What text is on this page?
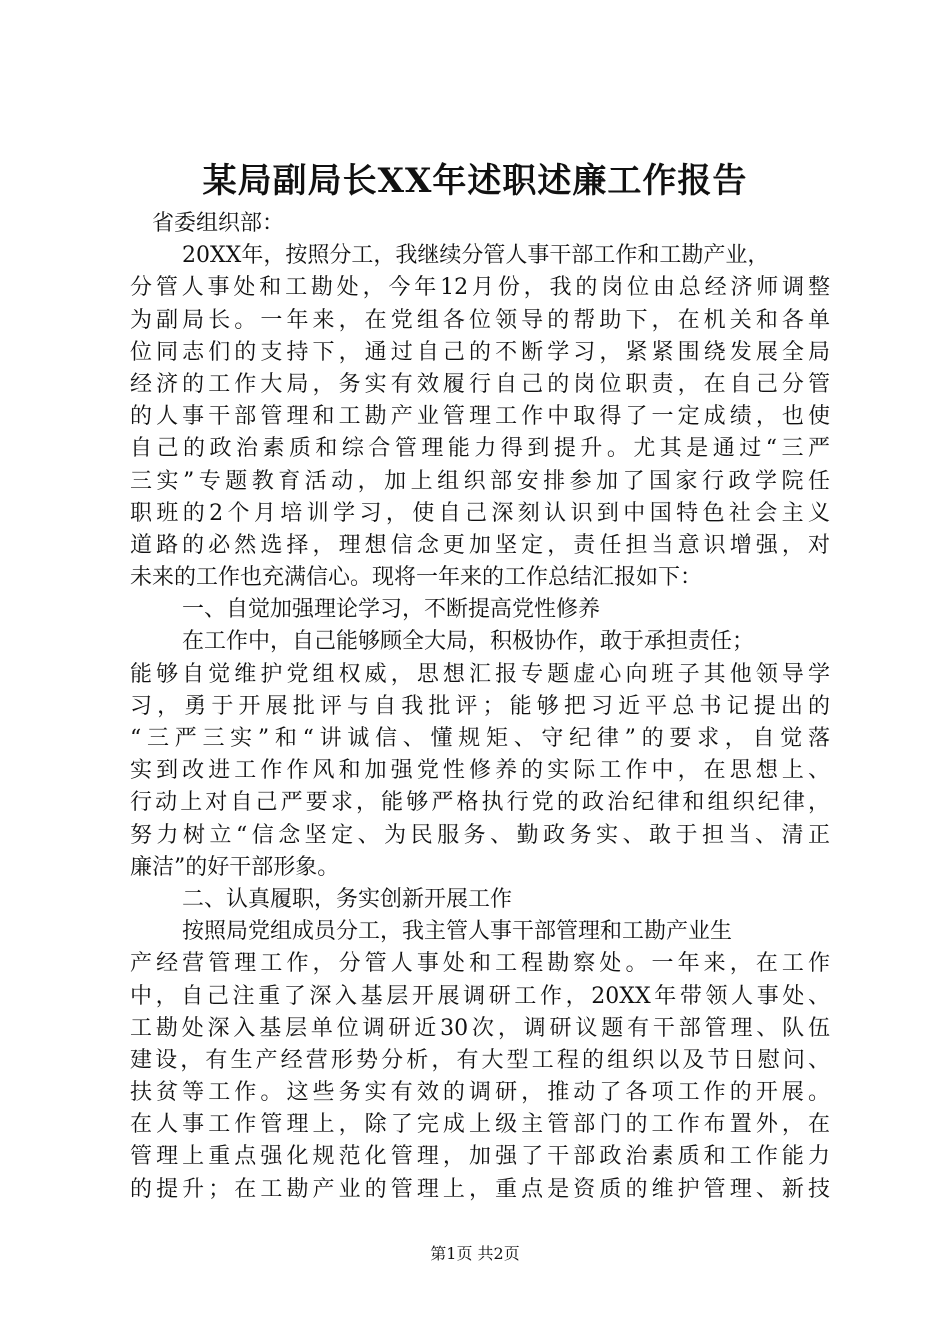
某局副局长XX年述职述廉工作报告
省委组织部：
20XX年，按照分工，我继续分管人事干部工作和工勘产业，
分管人事处和工勘处，今年12月份，我的岗位由总经济师调整
为副局长。一年来，在党组各位领导的帮助下，在机关和各单
位同志们的支持下，通过自己的不断学习，紧紧围绕发展全局
经济的工作大局，务实有效履行自己的岗位职责，在自己分管
的人事干部管理和工勘产业管理工作中取得了一定成绩，也使
自己的政治素质和综合管理能力得到提升。尤其是通过“三严
三实”专题教育活动，加上组织部安排参加了国家行政学院任
职班的2个月培训学习，使自己深刻认识到中国特色社会主义
道路的必然选择，理想信念更加坚定，责任担当意识增强，对
未来的工作也充满信心。现将一年来的工作总结汇报如下：
一、自觉加强理论学习，不断提高党性修养
在工作中，自己能够顾全大局，积极协作，敢于承担责任；
能够自觉维护党组权威，思想汇报专题虚心向班子其他领导学
习，勇于开展批评与自我批评；能够把习近平总书记提出的
“三严三实”和“讲诚信、懂规矩、守纪律”的要求，自觉落
实到改进工作作风和加强党性修养的实际工作中，在思想上、
行动上对自己严要求，能够严格执行党的政治纪律和组织纪律，
努力树立“信念坚定、为民服务、勤政务实、敢于担当、清正
廉洁”的好干部形象。
二、认真履职，务实创新开展工作
按照局党组成员分工，我主管人事干部管理和工勘产业生
产经营管理工作，分管人事处和工程勘察处。一年来，在工作
中，自己注重了深入基层开展调研工作，20XX年带领人事处、
工勘处深入基层单位调研近30次，调研议题有干部管理、队伍
建设，有生产经营形势分析，有大型工程的组织以及节日慰问、
扶贫等工作。这些务实有效的调研，推动了各项工作的开展。
在人事工作管理上，除了完成上级主管部门的工作布置外，在
管理上重点强化规范化管理，加强了干部政治素质和工作能力
的提升；在工勘产业的管理上，重点是资质的维护管理、新技
第1页 共2页
